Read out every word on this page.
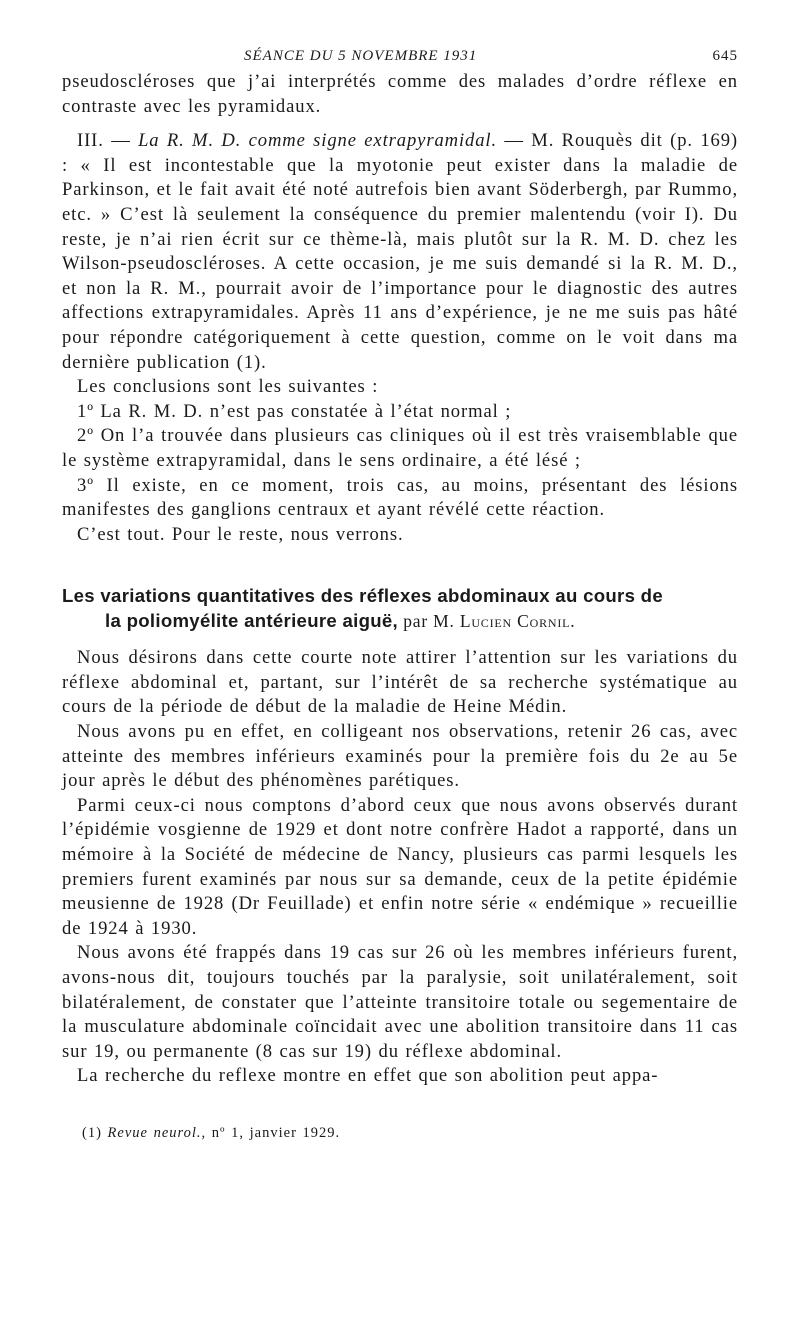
SÉANCE DU 5 NOVEMBRE 1931	645

pseudoscléroses que j’ai interprétés comme des malades d’ordre réflexe en contraste avec les pyramidaux.

III. — La R. M. D. comme signe extrapyramidal. — M. Rouquès dit (p. 169) : « Il est incontestable que la myotonie peut exister dans la maladie de Parkinson, et le fait avait été noté autrefois bien avant Söderbergh, par Rummo, etc. » C’est là seulement la conséquence du premier malentendu (voir I). Du reste, je n’ai rien écrit sur ce thème-là, mais plutôt sur la R. M. D. chez les Wilson-pseudoscléroses. A cette occasion, je me suis demandé si la R. M. D., et non la R. M., pourrait avoir de l’importance pour le diagnostic des autres affections extrapyramidales. Après 11 ans d’expérience, je ne me suis pas hâté pour répondre catégoriquement à cette question, comme on le voit dans ma dernière publication (1).

Les conclusions sont les suivantes :

1º La R. M. D. n’est pas constatée à l’état normal ;

2º On l’a trouvée dans plusieurs cas cliniques où il est très vraisemblable que le système extrapyramidal, dans le sens ordinaire, a été lésé ;

3º Il existe, en ce moment, trois cas, au moins, présentant des lésions manifestes des ganglions centraux et ayant révélé cette réaction.

C’est tout. Pour le reste, nous verrons.

Les variations quantitatives des réflexes abdominaux au cours de
la poliomyélite antérieure aiguë, par M. Lucien Cornil.

Nous désirons dans cette courte note attirer l’attention sur les variations du réflexe abdominal et, partant, sur l’intérêt de sa recherche systématique au cours de la période de début de la maladie de Heine Médin.

Nous avons pu en effet, en colligeant nos observations, retenir 26 cas, avec atteinte des membres inférieurs examinés pour la première fois du 2e au 5e jour après le début des phénomènes parétiques.

Parmi ceux-ci nous comptons d’abord ceux que nous avons observés durant l’épidémie vosgienne de 1929 et dont notre confrère Hadot a rapporté, dans un mémoire à la Société de médecine de Nancy, plusieurs cas parmi lesquels les premiers furent examinés par nous sur sa demande, ceux de la petite épidémie meusienne de 1928 (Dr Feuillade) et enfin notre série « endémique » recueillie de 1924 à 1930.

Nous avons été frappés dans 19 cas sur 26 où les membres inférieurs furent, avons-nous dit, toujours touchés par la paralysie, soit unilatéralement, soit bilatéralement, de constater que l’atteinte transitoire totale ou segementaire de la musculature abdominale coïncidait avec une abolition transitoire dans 11 cas sur 19, ou permanente (8 cas sur 19) du réflexe abdominal.

La recherche du reflexe montre en effet que son abolition peut appa-

(1) Revue neurol., nº 1, janvier 1929.
